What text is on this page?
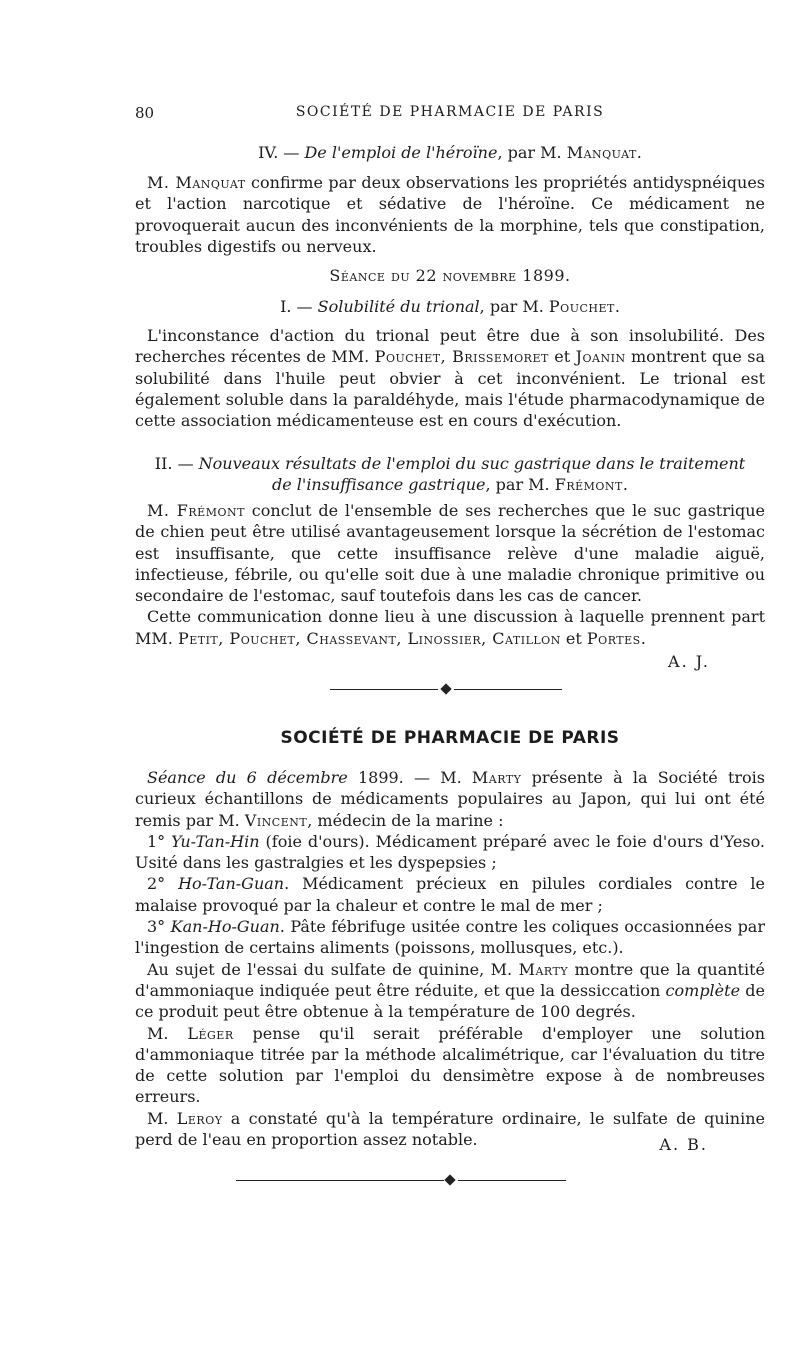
80	SOCIÉTÉ DE PHARMACIE DE PARIS
IV. — De l'emploi de l'héroïne, par M. Manquat.

M. Manquat confirme par deux observations les propriétés antidyspnéiques et l'action narcotique et sédative de l'héroïne. Ce médicament ne provoquerait aucun des inconvénients de la morphine, tels que constipation, troubles digestifs ou nerveux.

Séance du 22 novembre 1899.
I. — Solubilité du trional, par M. Pouchet.

L'inconstance d'action du trional peut être due à son insolubilité. Des recherches récentes de MM. Pouchet, Brissemoret et Joanin montrent que sa solubilité dans l'huile peut obvier à cet inconvénient. Le trional est également soluble dans la paraldéhyde, mais l'étude pharmacodynamique de cette association médicamenteuse est en cours d'exécution.

II. — Nouveaux résultats de l'emploi du suc gastrique dans le traitement
de l'insuffisance gastrique, par M. Frémont.

M. Frémont conclut de l'ensemble de ses recherches que le suc gastrique de chien peut être utilisé avantageusement lorsque la sécrétion de l'estomac est insuffisante, que cette insuffisance relève d'une maladie aiguë, infectieuse, fébrile, ou qu'elle soit due à une maladie chronique primitive ou secondaire de l'estomac, sauf toutefois dans les cas de cancer.

Cette communication donne lieu à une discussion à laquelle prennent part MM. Petit, Pouchet, Chassevant, Linossier, Catillon et Portes.

A. J.
SOCIÉTÉ DE PHARMACIE DE PARIS

Séance du 6 décembre 1899. — M. Marty présente à la Société trois curieux échantillons de médicaments populaires au Japon, qui lui ont été remis par M. Vincent, médecin de la marine :

1° Yu-Tan-Hin (foie d'ours). Médicament préparé avec le foie d'ours d'Yeso. Usité dans les gastralgies et les dyspepsies ;

2° Ho-Tan-Guan. Médicament précieux en pilules cordiales contre le malaise provoqué par la chaleur et contre le mal de mer ;

3° Kan-Ho-Guan. Pâte fébrifuge usitée contre les coliques occasionnées par l'ingestion de certains aliments (poissons, mollusques, etc.).

Au sujet de l'essai du sulfate de quinine, M. Marty montre que la quantité d'ammoniaque indiquée peut être réduite, et que la dessiccation complète de ce produit peut être obtenue à la température de 100 degrés.

M. Léger pense qu'il serait préférable d'employer une solution d'ammoniaque titrée par la méthode alcalimétrique, car l'évaluation du titre de cette solution par l'emploi du densimètre expose à de nombreuses erreurs.

M. Leroy a constaté qu'à la température ordinaire, le sulfate de quinine perd de l'eau en proportion assez notable.	A. B.
